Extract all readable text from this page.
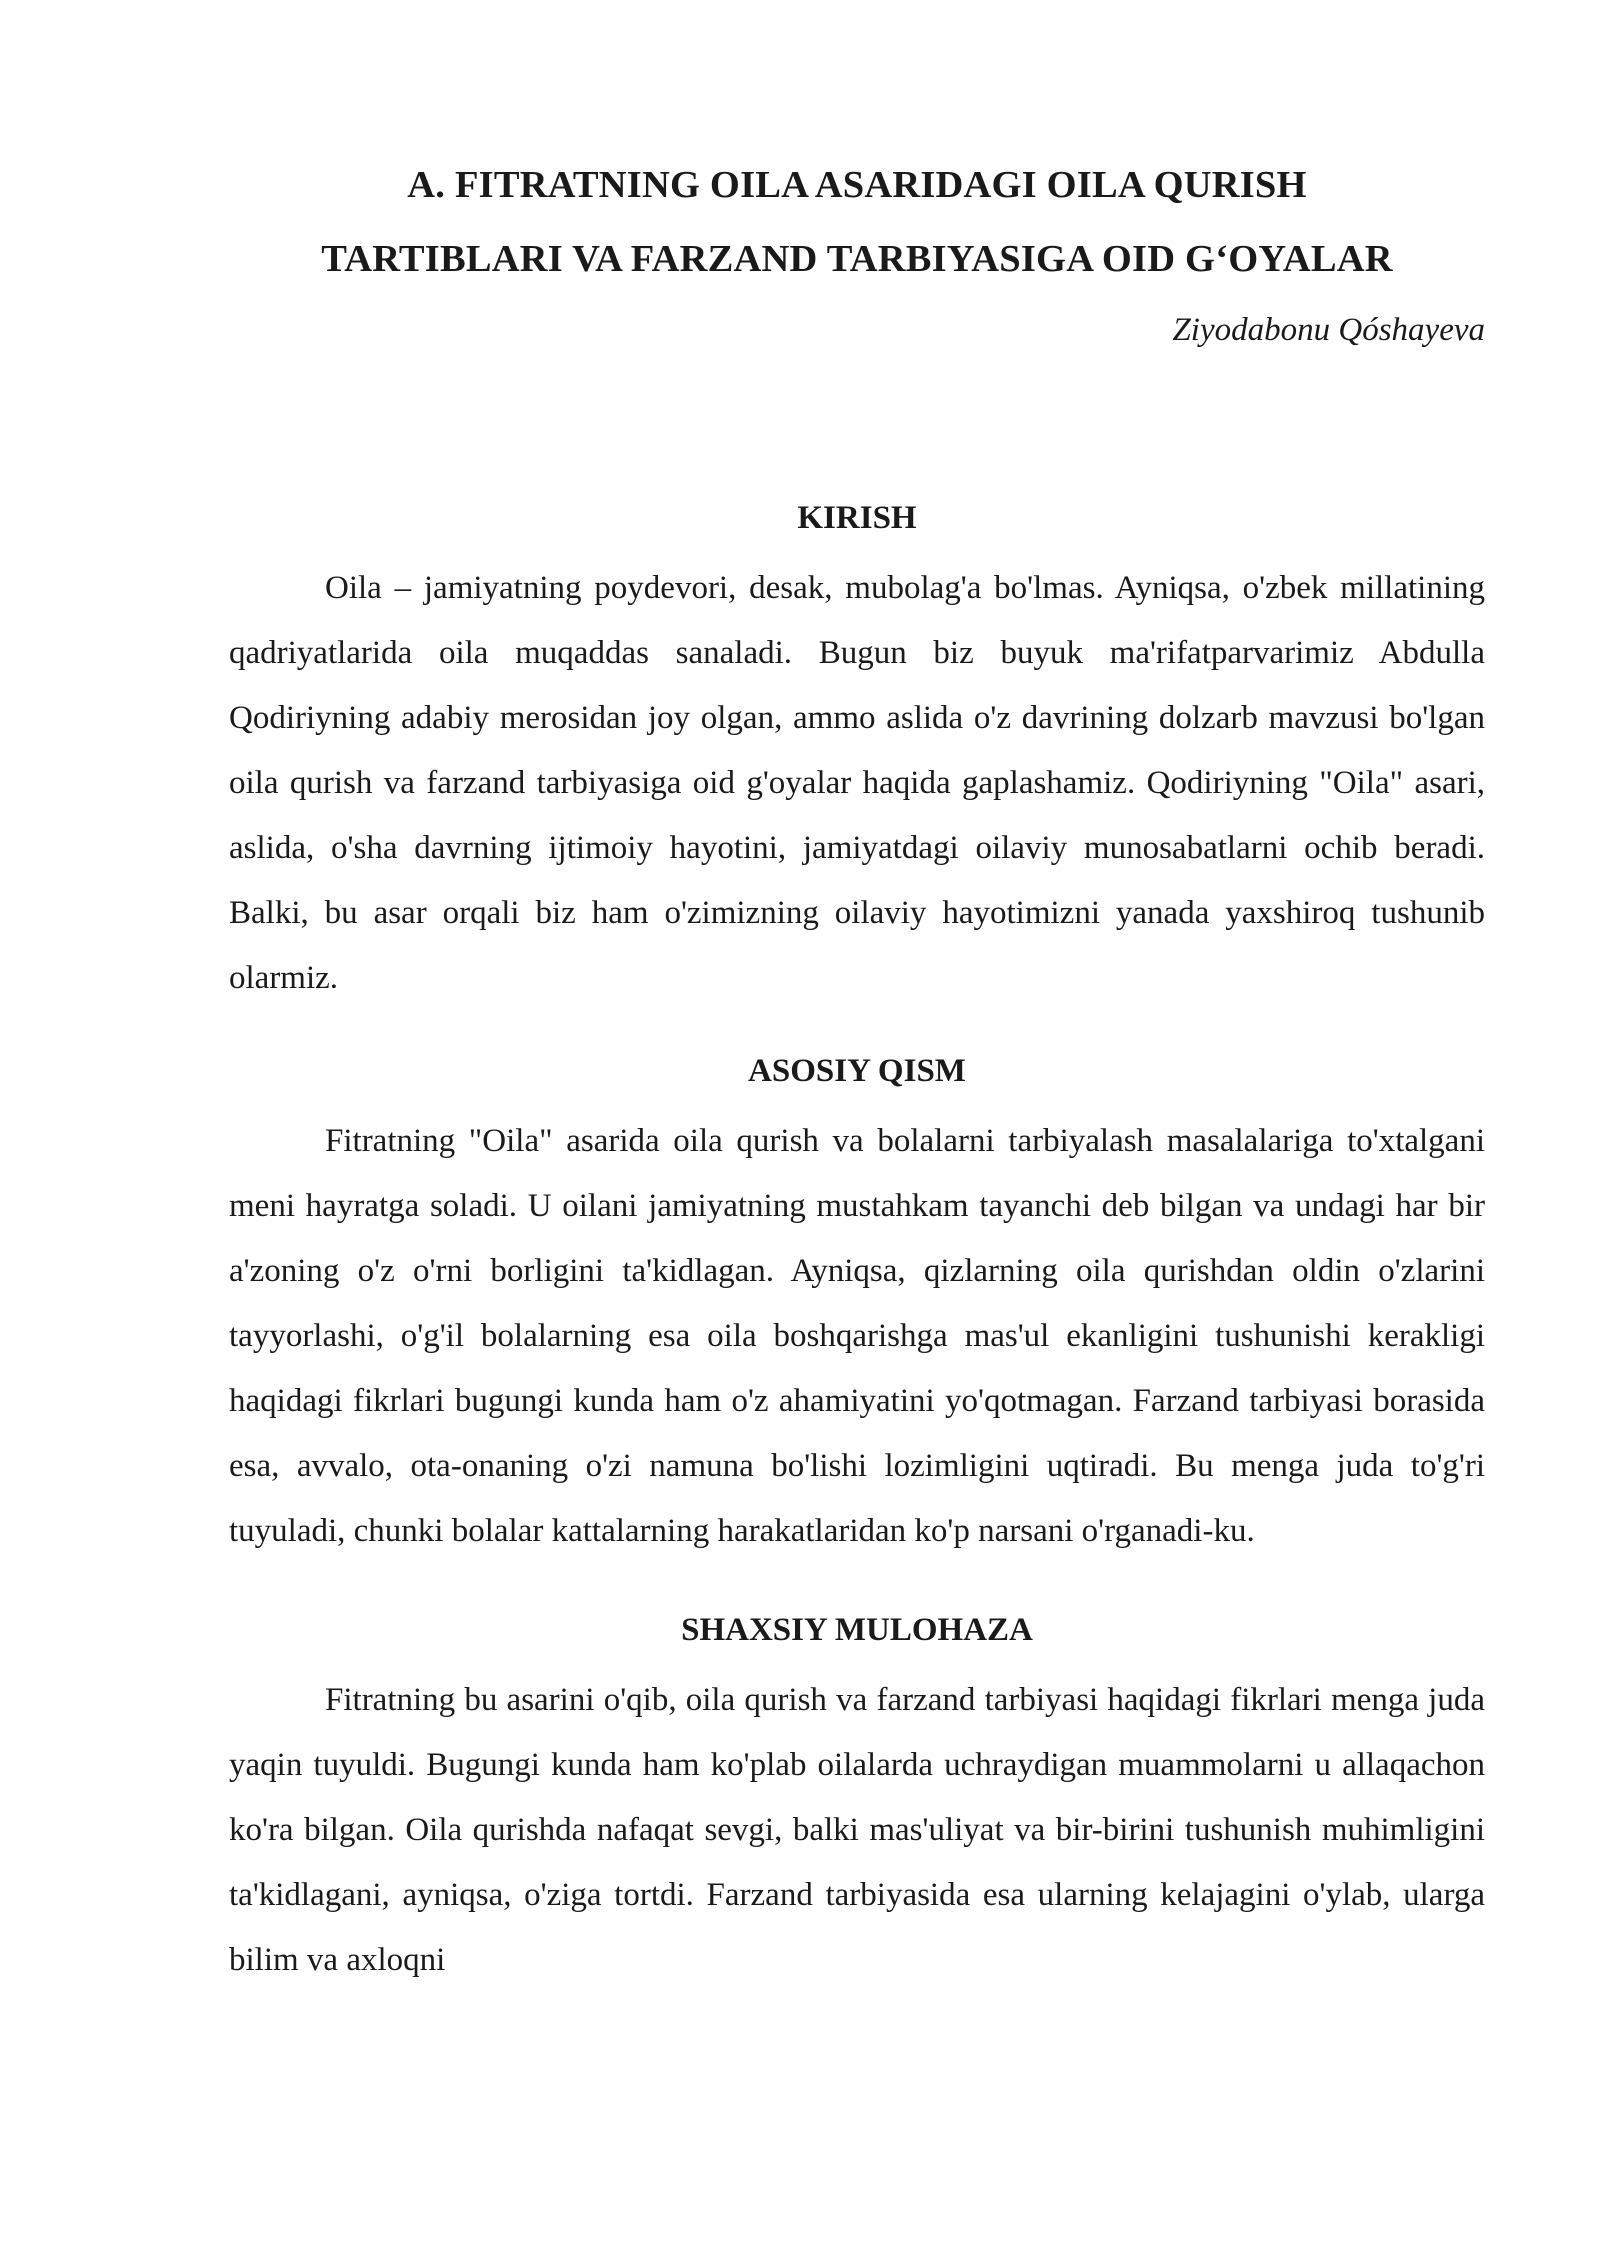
A. FITRATNING OILA ASARIDAGI OILA QURISH
TARTIBLARI VA FARZAND TARBIYASIGA OID G‘OYALAR

Ziyodabonu Qóshayeva

KIRISH

Oila – jamiyatning poydevori, desak, mubolag'a bo'lmas. Ayniqsa, o'zbek millatining qadriyatlarida oila muqaddas sanaladi. Bugun biz buyuk ma'rifatparvarimiz Abdulla Qodiriyning adabiy merosidan joy olgan, ammo aslida o'z davrining dolzarb mavzusi bo'lgan oila qurish va farzand tarbiyasiga oid g'oyalar haqida gaplashamiz. Qodiriyning "Oila" asari, aslida, o'sha davrning ijtimoiy hayotini, jamiyatdagi oilaviy munosabatlarni ochib beradi. Balki, bu asar orqali biz ham o'zimizning oilaviy hayotimizni yanada yaxshiroq tushunib olarmiz.

ASOSIY QISM

Fitratning "Oila" asarida oila qurish va bolalarni tarbiyalash masalalariga to'xtalgani meni hayratga soladi. U oilani jamiyatning mustahkam tayanchi deb bilgan va undagi har bir a'zoning o'z o'rni borligini ta'kidlagan. Ayniqsa, qizlarning oila qurishdan oldin o'zlarini tayyorlashi, o'g'il bolalarning esa oila boshqarishga mas'ul ekanligini tushunishi kerakligi haqidagi fikrlari bugungi kunda ham o'z ahamiyatini yo'qotmagan. Farzand tarbiyasi borasida esa, avvalo, ota-onaning o'zi namuna bo'lishi lozimligini uqtiradi. Bu menga juda to'g'ri tuyuladi, chunki bolalar kattalarning harakatlaridan ko'p narsani o'rganadi-ku.

SHAXSIY MULOHAZA

Fitratning bu asarini o'qib, oila qurish va farzand tarbiyasi haqidagi fikrlari menga juda yaqin tuyuldi. Bugungi kunda ham ko'plab oilalarda uchraydigan muammolarni u allaqachon ko'ra bilgan. Oila qurishda nafaqat sevgi, balki mas'uliyat va bir-birini tushunish muhimligini ta'kidlagani, ayniqsa, o'ziga tortdi. Farzand tarbiyasida esa ularning kelajagini o'ylab, ularga bilim va axloqni
